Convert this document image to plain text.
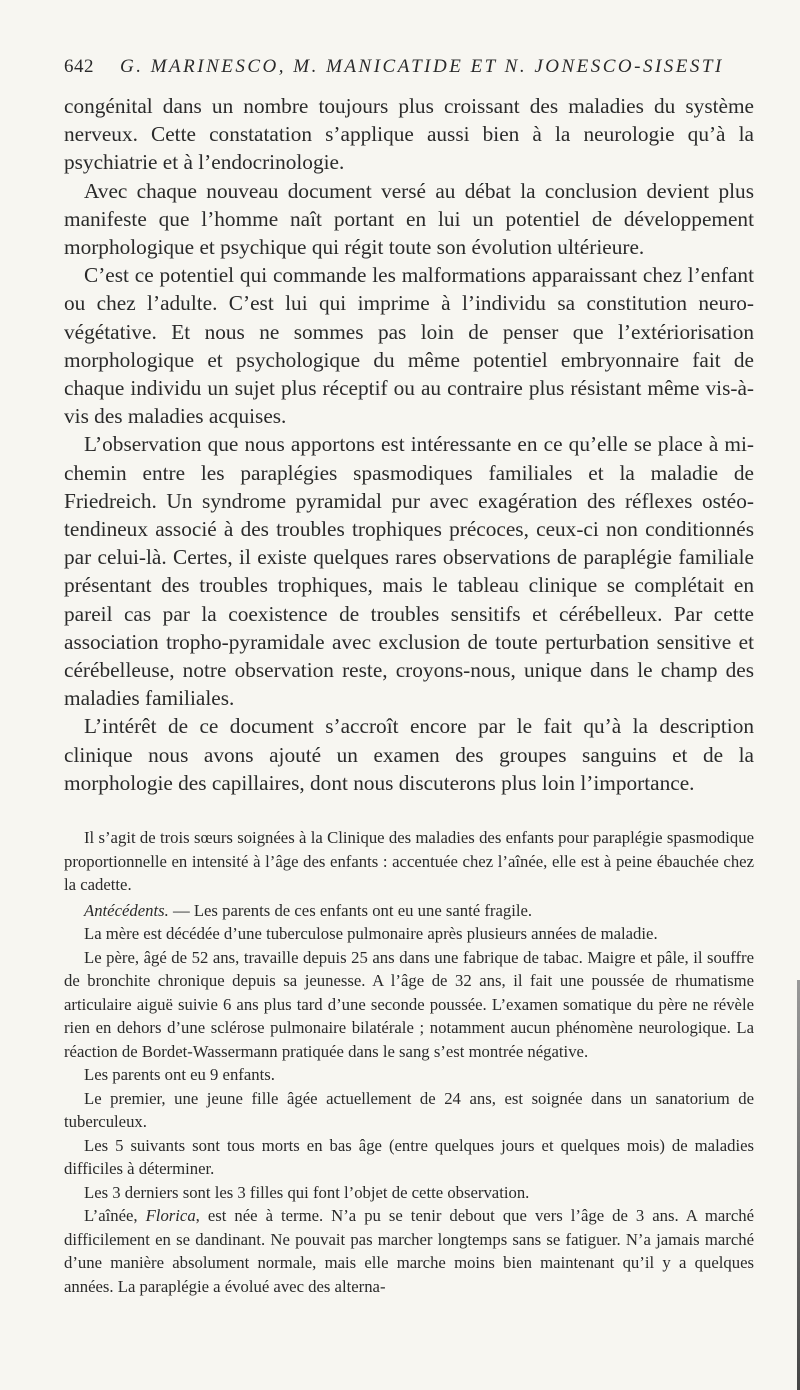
642 G. MARINESCO, M. MANICATIDE ET N. JONESCO-SISESTI

congénital dans un nombre toujours plus croissant des maladies du système nerveux. Cette constatation s’applique aussi bien à la neurologie qu’à la psychiatrie et à l’endocrinologie.

Avec chaque nouveau document versé au débat la conclusion devient plus manifeste que l’homme naît portant en lui un potentiel de développement morphologique et psychique qui régit toute son évolution ultérieure.

C’est ce potentiel qui commande les malformations apparaissant chez l’enfant ou chez l’adulte. C’est lui qui imprime à l’individu sa constitution neuro-végétative. Et nous ne sommes pas loin de penser que l’extériorisation morphologique et psychologique du même potentiel embryonnaire fait de chaque individu un sujet plus réceptif ou au contraire plus résistant même vis-à-vis des maladies acquises.

L’observation que nous apportons est intéressante en ce qu’elle se place à mi-chemin entre les paraplégies spasmodiques familiales et la maladie de Friedreich. Un syndrome pyramidal pur avec exagération des réflexes ostéo-tendineux associé à des troubles trophiques précoces, ceux-ci non conditionnés par celui-là. Certes, il existe quelques rares observations de paraplégie familiale présentant des troubles trophiques, mais le tableau clinique se complétait en pareil cas par la coexistence de troubles sensitifs et cérébelleux. Par cette association tropho-pyramidale avec exclusion de toute perturbation sensitive et cérébelleuse, notre observation reste, croyons-nous, unique dans le champ des maladies familiales.

L’intérêt de ce document s’accroît encore par le fait qu’à la description clinique nous avons ajouté un examen des groupes sanguins et de la morphologie des capillaires, dont nous discuterons plus loin l’importance.

Il s’agit de trois sœurs soignées à la Clinique des maladies des enfants pour paraplégie spasmodique proportionnelle en intensité à l’âge des enfants : accentuée chez l’aînée, elle est à peine ébauchée chez la cadette.

Antécédents. — Les parents de ces enfants ont eu une santé fragile.

La mère est décédée d’une tuberculose pulmonaire après plusieurs années de maladie.

Le père, âgé de 52 ans, travaille depuis 25 ans dans une fabrique de tabac. Maigre et pâle, il souffre de bronchite chronique depuis sa jeunesse. A l’âge de 32 ans, il fait une poussée de rhumatisme articulaire aiguë suivie 6 ans plus tard d’une seconde poussée. L’examen somatique du père ne révèle rien en dehors d’une sclérose pulmonaire bilatérale ; notamment aucun phénomène neurologique. La réaction de Bordet-Wassermann pratiquée dans le sang s’est montrée négative.

Les parents ont eu 9 enfants.

Le premier, une jeune fille âgée actuellement de 24 ans, est soignée dans un sanatorium de tuberculeux.

Les 5 suivants sont tous morts en bas âge (entre quelques jours et quelques mois) de maladies difficiles à déterminer.

Les 3 derniers sont les 3 filles qui font l’objet de cette observation.

L’aînée, Florica, est née à terme. N’a pu se tenir debout que vers l’âge de 3 ans. A marché difficilement en se dandinant. Ne pouvait pas marcher longtemps sans se fatiguer. N’a jamais marché d’une manière absolument normale, mais elle marche moins bien maintenant qu’il y a quelques années. La paraplégie a évolué avec des alterna-
